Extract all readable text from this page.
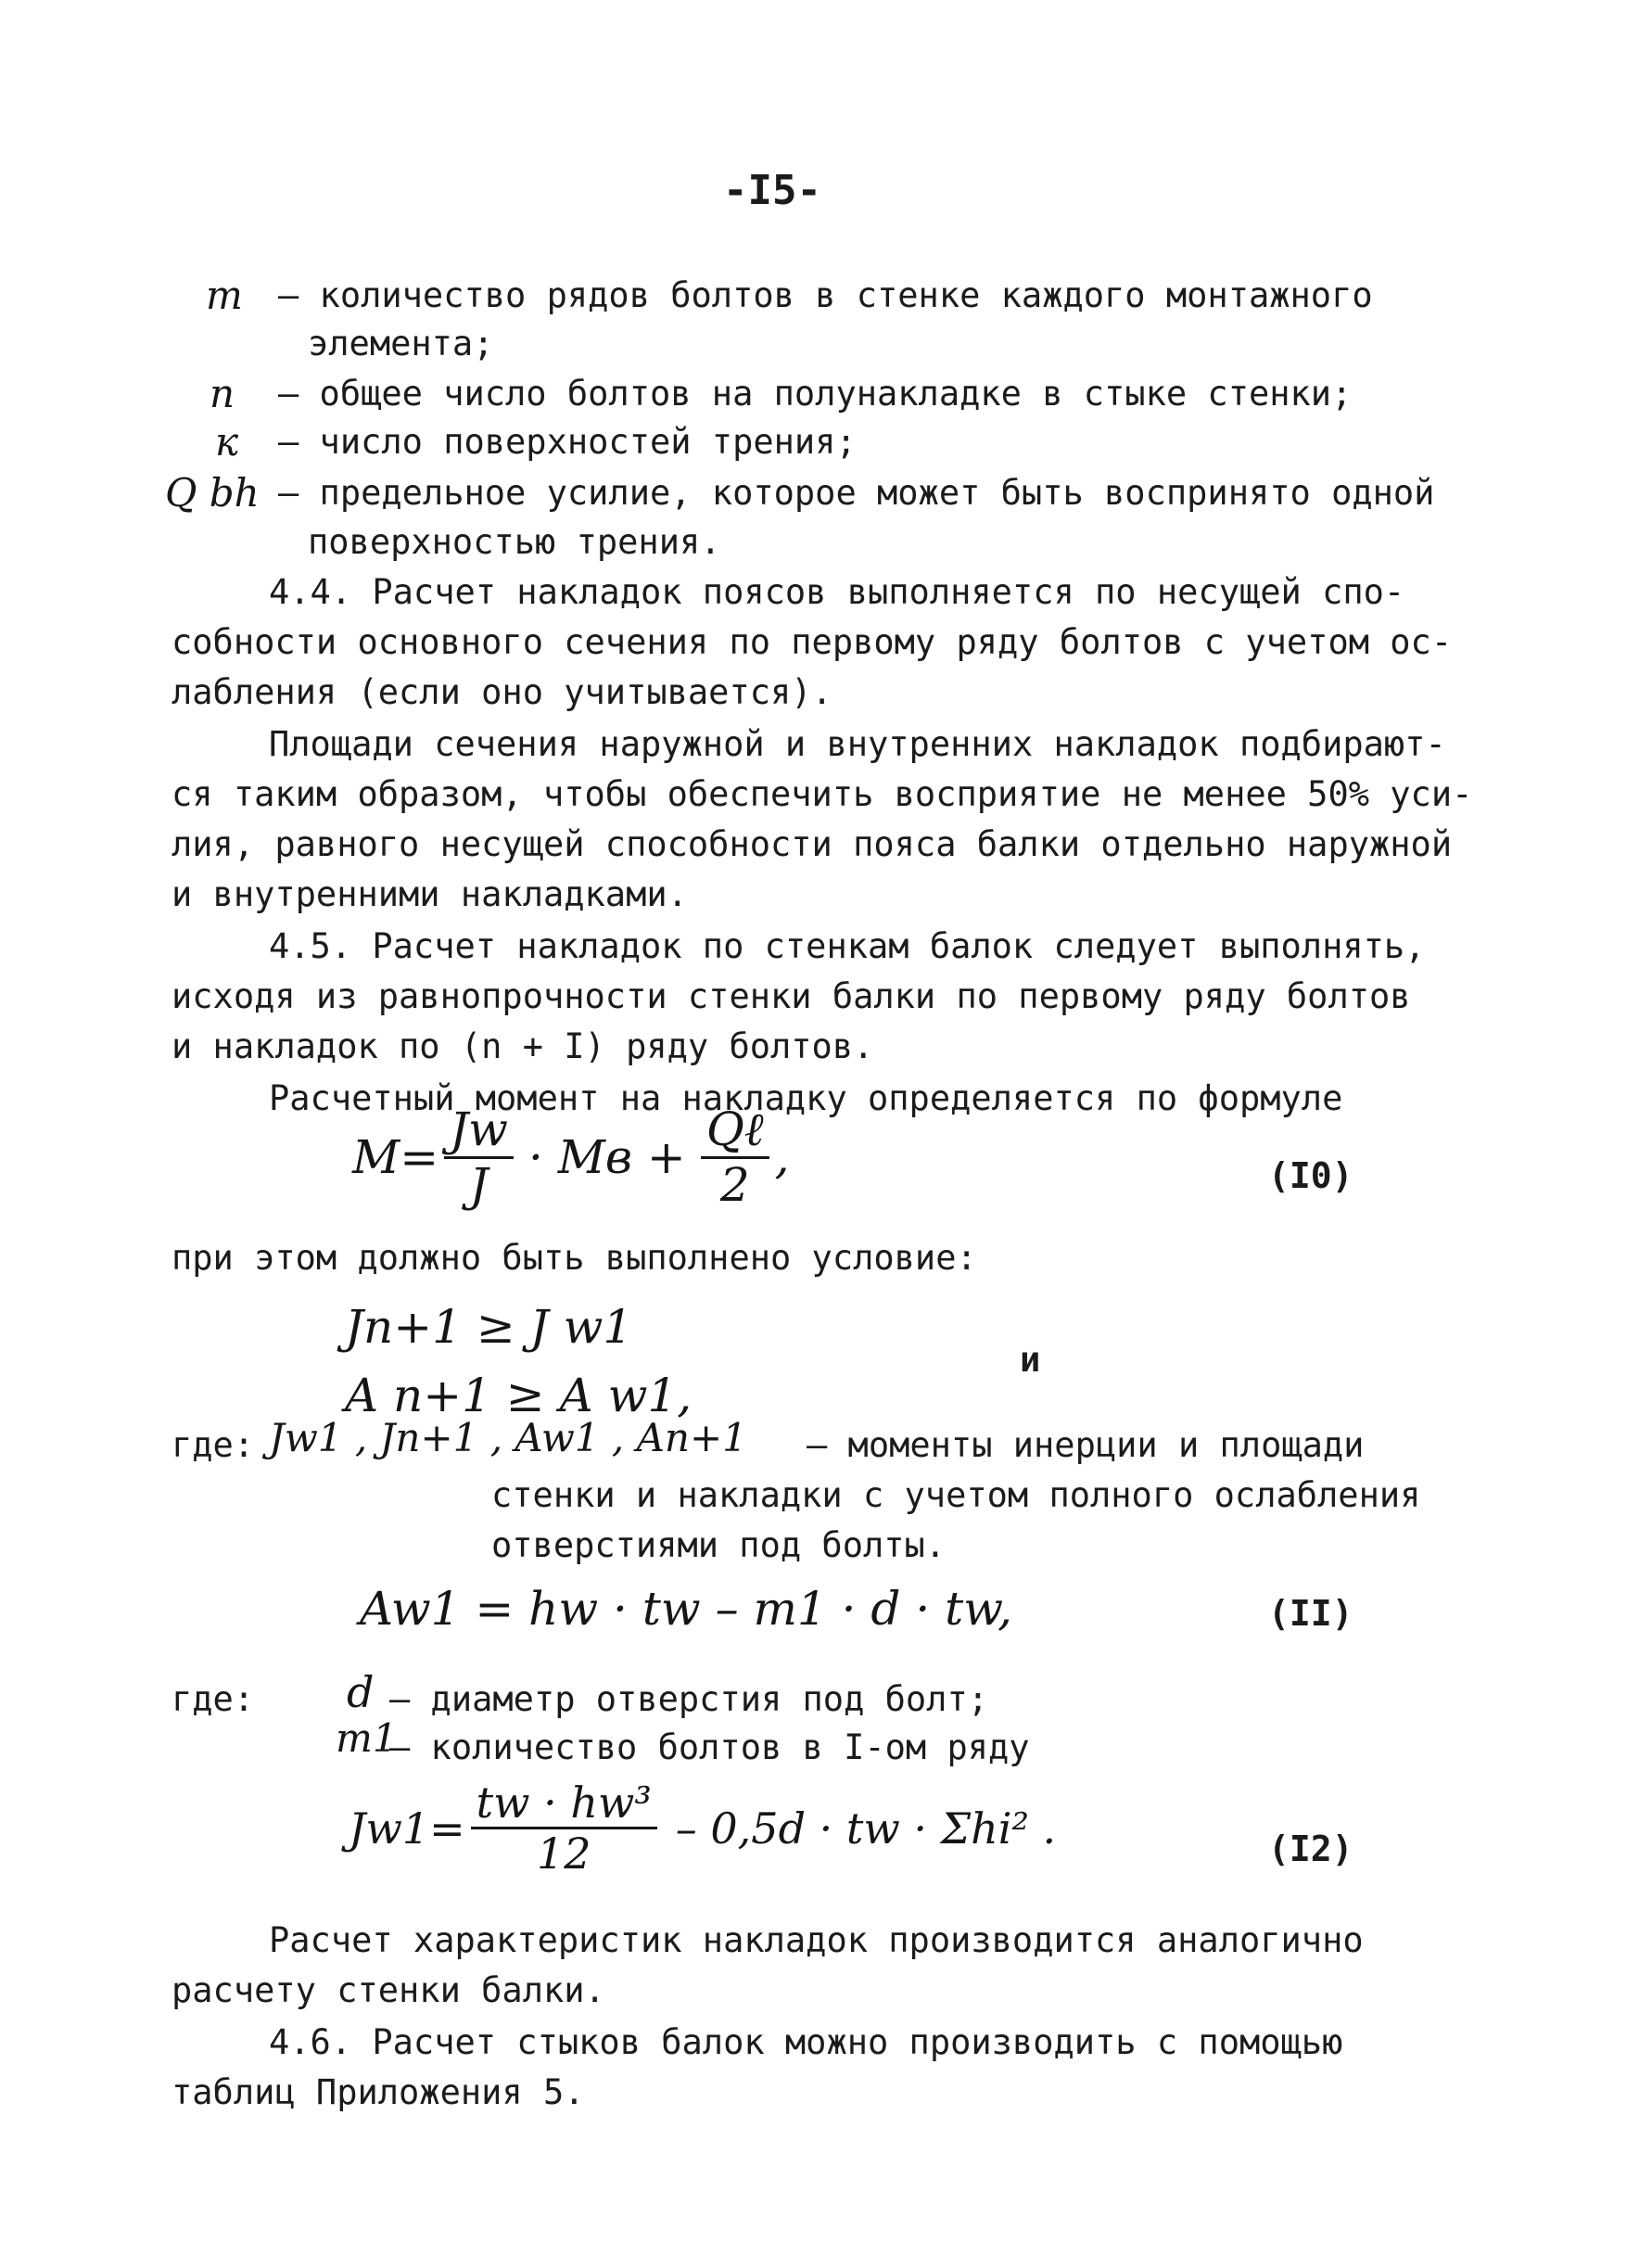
-I5-
m – количество рядов болтов в стенке каждого монтажного
элемента;
n – общее число болтов на полунакладке в стыке стенки;
к – число поверхностей трения;
Q bh – предельное усилие, которое может быть воспринято одной
поверхностью трения.
4.4. Расчет накладок поясов выполняется по несущей спо-
собности основного сечения по первому ряду болтов с учетом ос-
лабления (если оно учитывается).
Площади сечения наружной и внутренних накладок подбирают-
ся таким образом, чтобы обеспечить восприятие не менее 50% уси-
лия, равного несущей способности пояса балки отдельно наружной
и внутренними накладками.
4.5. Расчет накладок по стенкам балок следует выполнять,
исходя из равнопрочности стенки балки по первому ряду болтов
и накладок по (n + I) ряду болтов.
Расчетный момент на накладку определяется по формуле
$M= \frac{Jw}{J}$ · Mв + $\frac{\text{Qℓ}}{2}$ ,	(I0)
при этом должно быть выполнено условие:
Jn+1 ≥ J w1
A n+1 ≥ A w1,
и
где: Jw1 , Jn+1 , Aw1 , An+1 – моменты инерции и площади
стенки и накладки с учетом полного ослабления
отверстиями под болты.
Aw1 = hw · tw – m1 · d · tw,	(II)
где: d – диаметр отверстия под болт;
m1
– количество болтов в I-ом ряду
$Jw1= \frac{\text{tw · hw³}}{12} - 0,5d$ · tw · Σhi² .	(I2)
Расчет характеристик накладок производится аналогично
расчету стенки балки.
4.6. Расчет стыков балок можно производить с помощью
таблиц Приложения 5.
